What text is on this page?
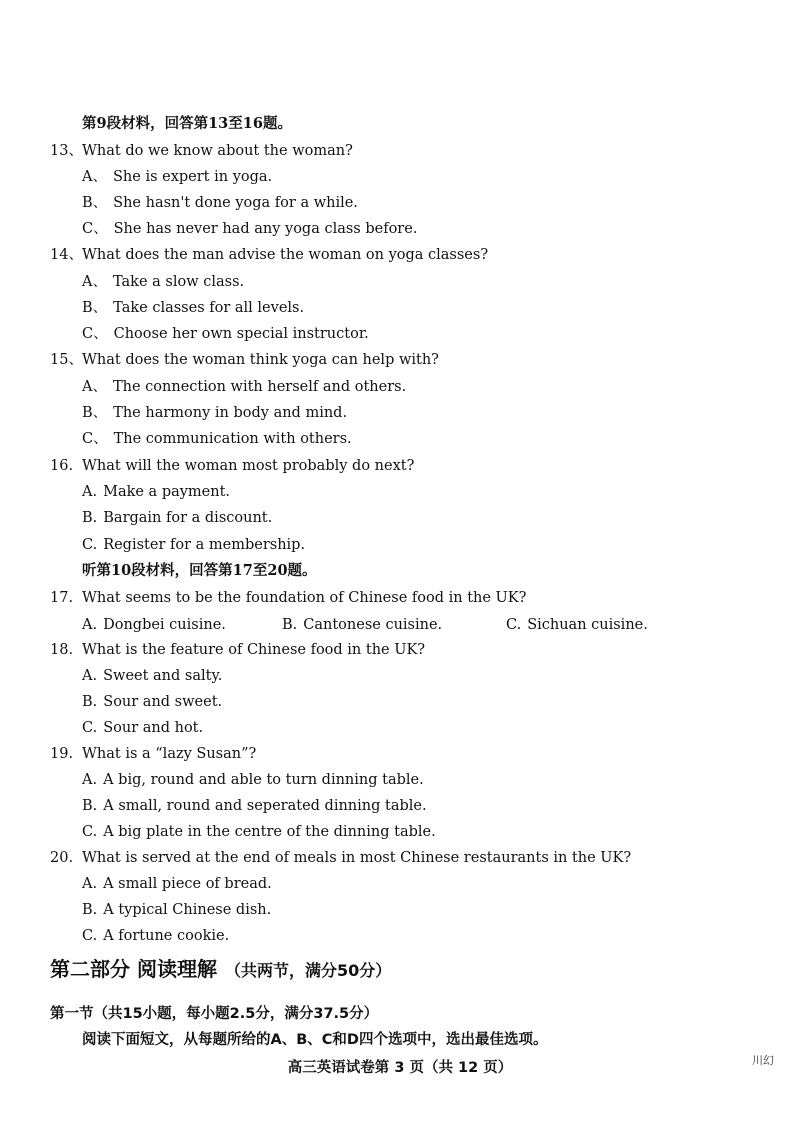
第9段材料，回答第13至16题。
13、 What do we know about the woman?
A、 She is expert in yoga.
B、 She hasn't done yoga for a while.
C、 She has never had any yoga class before.
14、 What does the man advise the woman on yoga classes?
A、 Take a slow class.
B、 Take classes for all levels.
C、 Choose her own special instructor.
15、 What does the woman think yoga can help with?
A、 The connection with herself and others.
B、 The harmony in body and mind.
C、 The communication with others.
16. What will the woman most probably do next?
A. Make a payment.
B. Bargain for a discount.
C. Register for a membership.
听第10段材料，回答第17至20题。
17. What seems to be the foundation of Chinese food in the UK?
A. Dongbei cuisine.	B. Cantonese cuisine.	C. Sichuan cuisine.
18. What is the feature of Chinese food in the UK?
A. Sweet and salty.
B. Sour and sweet.
C. Sour and hot.
19. What is a “lazy Susan”?
A. A big, round and able to turn dinning table.
B. A small, round and seperated dinning table.
C. A big plate in the centre of the dinning table.
20. What is served at the end of meals in most Chinese restaurants in the UK?
A. A small piece of bread.
B. A typical Chinese dish.
C. A fortune cookie.
第二部分 阅读理解 （共两节，满分50分）
第一节（共15小题，每小题2.5分，满分37.5分）
阅读下面短文，从每题所给的A、B、C和D四个选项中，选出最佳选项。
高三英语试卷第 3 页（共 12 页）	川幻
